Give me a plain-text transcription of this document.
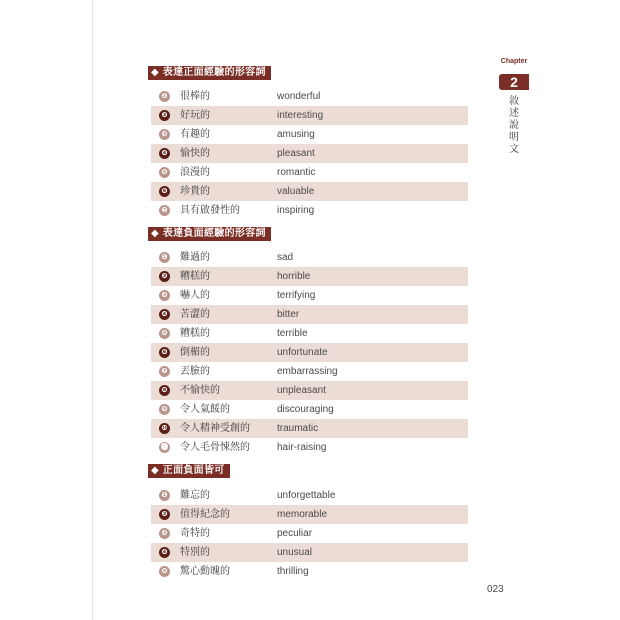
Chapter
2
敘述說明文
◆ 表達正面經驗的形容詞
❶ 很棒的	wonderful
❷ 好玩的	interesting
❸ 有趣的	amusing
❹ 愉快的	pleasant
❺ 浪漫的	romantic
❻ 珍貴的	valuable
❼ 具有啟發性的	inspiring
◆ 表達負面經驗的形容詞
❶ 難過的	sad
❷ 糟糕的	horrible
❸ 嚇人的	terrifying
❹ 苦澀的	bitter
❺ 糟糕的	terrible
❻ 倒楣的	unfortunate
❼ 丟臉的	embarrassing
❽ 不愉快的	unpleasant
❾ 令人氣餒的	discouraging
❿ 令人精神受創的	traumatic
⓫ 令人毛骨悚然的	hair-raising
◆ 正面負面皆可
❶ 難忘的	unforgettable
❷ 值得紀念的	memorable
❸ 奇特的	peculiar
❹ 特別的	unusual
❺ 驚心動魄的	thrilling
023
